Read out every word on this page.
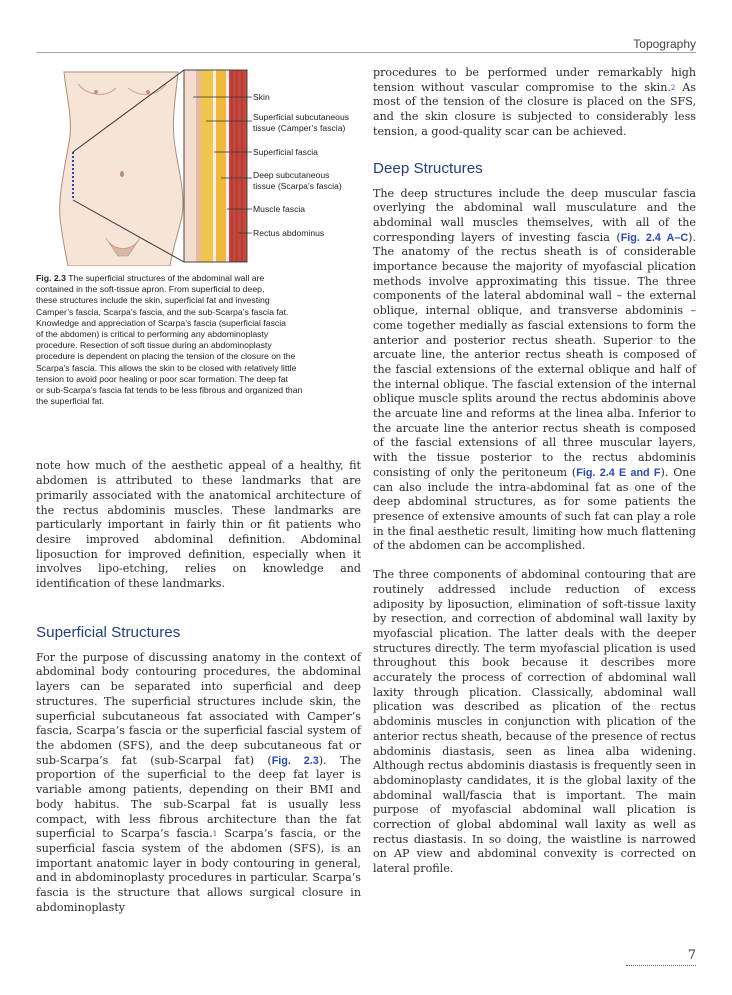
Topography
Skin
Superficial subcutaneous
tissue (Camper’s fascia)
Superficial fascia
Deep subcutaneous
tissue (Scarpa’s fascia)
Muscle fascia
Rectus abdominus
Fig. 2.3 The superficial structures of the abdominal wall are
contained in the soft-tissue apron. From superficial to deep,
these structures include the skin, superficial fat and investing
Camper’s fascia, Scarpa’s fascia, and the sub-Scarpa’s fascia fat.
Knowledge and appreciation of Scarpa’s fascia (superficial fascia
of the abdomen) is critical to performing any abdominoplasty
procedure. Resection of soft tissue during an abdominoplasty
procedure is dependent on placing the tension of the closure on the
Scarpa’s fascia. This allows the skin to be closed with relatively little
tension to avoid poor healing or poor scar formation. The deep fat
or sub-Scarpa’s fascia fat tends to be less fibrous and organized than
the superficial fat.

note how much of the aesthetic appeal of a healthy, fit abdomen is attributed to these landmarks that are primarily associated with the anatomical architecture of the rectus abdominis muscles. These landmarks are particularly important in fairly thin or fit patients who desire improved abdominal definition. Abdominal liposuction for improved definition, especially when it involves lipo-etching, relies on knowledge and identification of these landmarks.

Superficial Structures

For the purpose of discussing anatomy in the context of abdominal body contouring procedures, the abdominal layers can be separated into superficial and deep structures. The superficial structures include skin, the superficial subcutaneous fat associated with Camper’s fascia, Scarpa’s fascia or the superficial fascial system of the abdomen (SFS), and the deep subcutaneous fat or sub-Scarpa’s fat (sub-Scarpal fat) (Fig. 2.3). The proportion of the superficial to the deep fat layer is variable among patients, depending on their BMI and body habitus. The sub-Scarpal fat is usually less compact, with less fibrous architecture than the fat superficial to Scarpa’s fascia.$^1$ Scarpa’s fascia, or the superficial fascia system of the abdomen (SFS), is an important anatomic layer in body contouring in general, and in abdominoplasty procedures in particular. Scarpa’s fascia is the structure that allows surgical closure in abdominoplasty

procedures to be performed under remarkably high tension without vascular compromise to the skin.$^2$ As most of the tension of the closure is placed on the SFS, and the skin closure is subjected to considerably less tension, a good-quality scar can be achieved.

Deep Structures

The deep structures include the deep muscular fascia overlying the abdominal wall musculature and the abdominal wall muscles themselves, with all of the corresponding layers of investing fascia (Fig. 2.4 A–C). The anatomy of the rectus sheath is of considerable importance because the majority of myofascial plication methods involve approximating this tissue. The three components of the lateral abdominal wall – the external oblique, internal oblique, and transverse abdominis – come together medially as fascial extensions to form the anterior and posterior rectus sheath. Superior to the arcuate line, the anterior rectus sheath is composed of the fascial extensions of the external oblique and half of the internal oblique. The fascial extension of the internal oblique muscle splits around the rectus abdominis above the arcuate line and reforms at the linea alba. Inferior to the arcuate line the anterior rectus sheath is composed of the fascial extensions of all three muscular layers, with the tissue posterior to the rectus abdominis consisting of only the peritoneum (Fig. 2.4 E and F). One can also include the intra-abdominal fat as one of the deep abdominal structures, as for some patients the presence of extensive amounts of such fat can play a role in the final aesthetic result, limiting how much flattening of the abdomen can be accomplished.

The three components of abdominal contouring that are routinely addressed include reduction of excess adiposity by liposuction, elimination of soft-tissue laxity by resection, and correction of abdominal wall laxity by myofascial plication. The latter deals with the deeper structures directly. The term myofascial plication is used throughout this book because it describes more accurately the process of correction of abdominal wall laxity through plication. Classically, abdominal wall plication was described as plication of the rectus abdominis muscles in conjunction with plication of the anterior rectus sheath, because of the presence of rectus abdominis diastasis, seen as linea alba widening. Although rectus abdominis diastasis is frequently seen in abdominoplasty candidates, it is the global laxity of the abdominal wall/fascia that is important. The main purpose of myofascial abdominal wall plication is correction of global abdominal wall laxity as well as rectus diastasis. In so doing, the waistline is narrowed on AP view and abdominal convexity is corrected on lateral profile.

7
